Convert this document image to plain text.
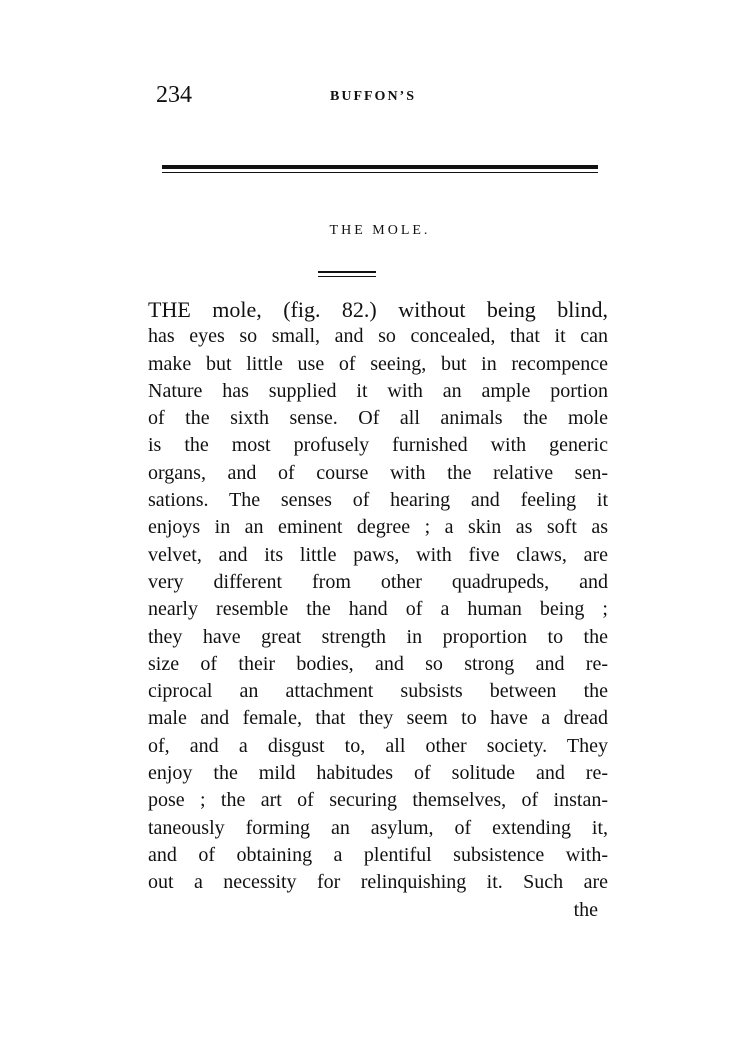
234	BUFFON’S
THE MOLE.
THE mole, (fig. 82.) without being blind,
has eyes so small, and so concealed, that it can
make but little use of seeing, but in recompence
Nature has supplied it with an ample portion
of the sixth sense. Of all animals the mole
is the most profusely furnished with generic
organs, and of course with the relative sen-
sations. The senses of hearing and feeling it
enjoys in an eminent degree ; a skin as soft as
velvet, and its little paws, with five claws, are
very different from other quadrupeds, and
nearly resemble the hand of a human being ;
they have great strength in proportion to the
size of their bodies, and so strong and re-
ciprocal an attachment subsists between the
male and female, that they seem to have a dread
of, and a disgust to, all other society. They
enjoy the mild habitudes of solitude and re-
pose ; the art of securing themselves, of instan-
taneously forming an asylum, of extending it,
and of obtaining a plentiful subsistence with-
out a necessity for relinquishing it. Such are
the
